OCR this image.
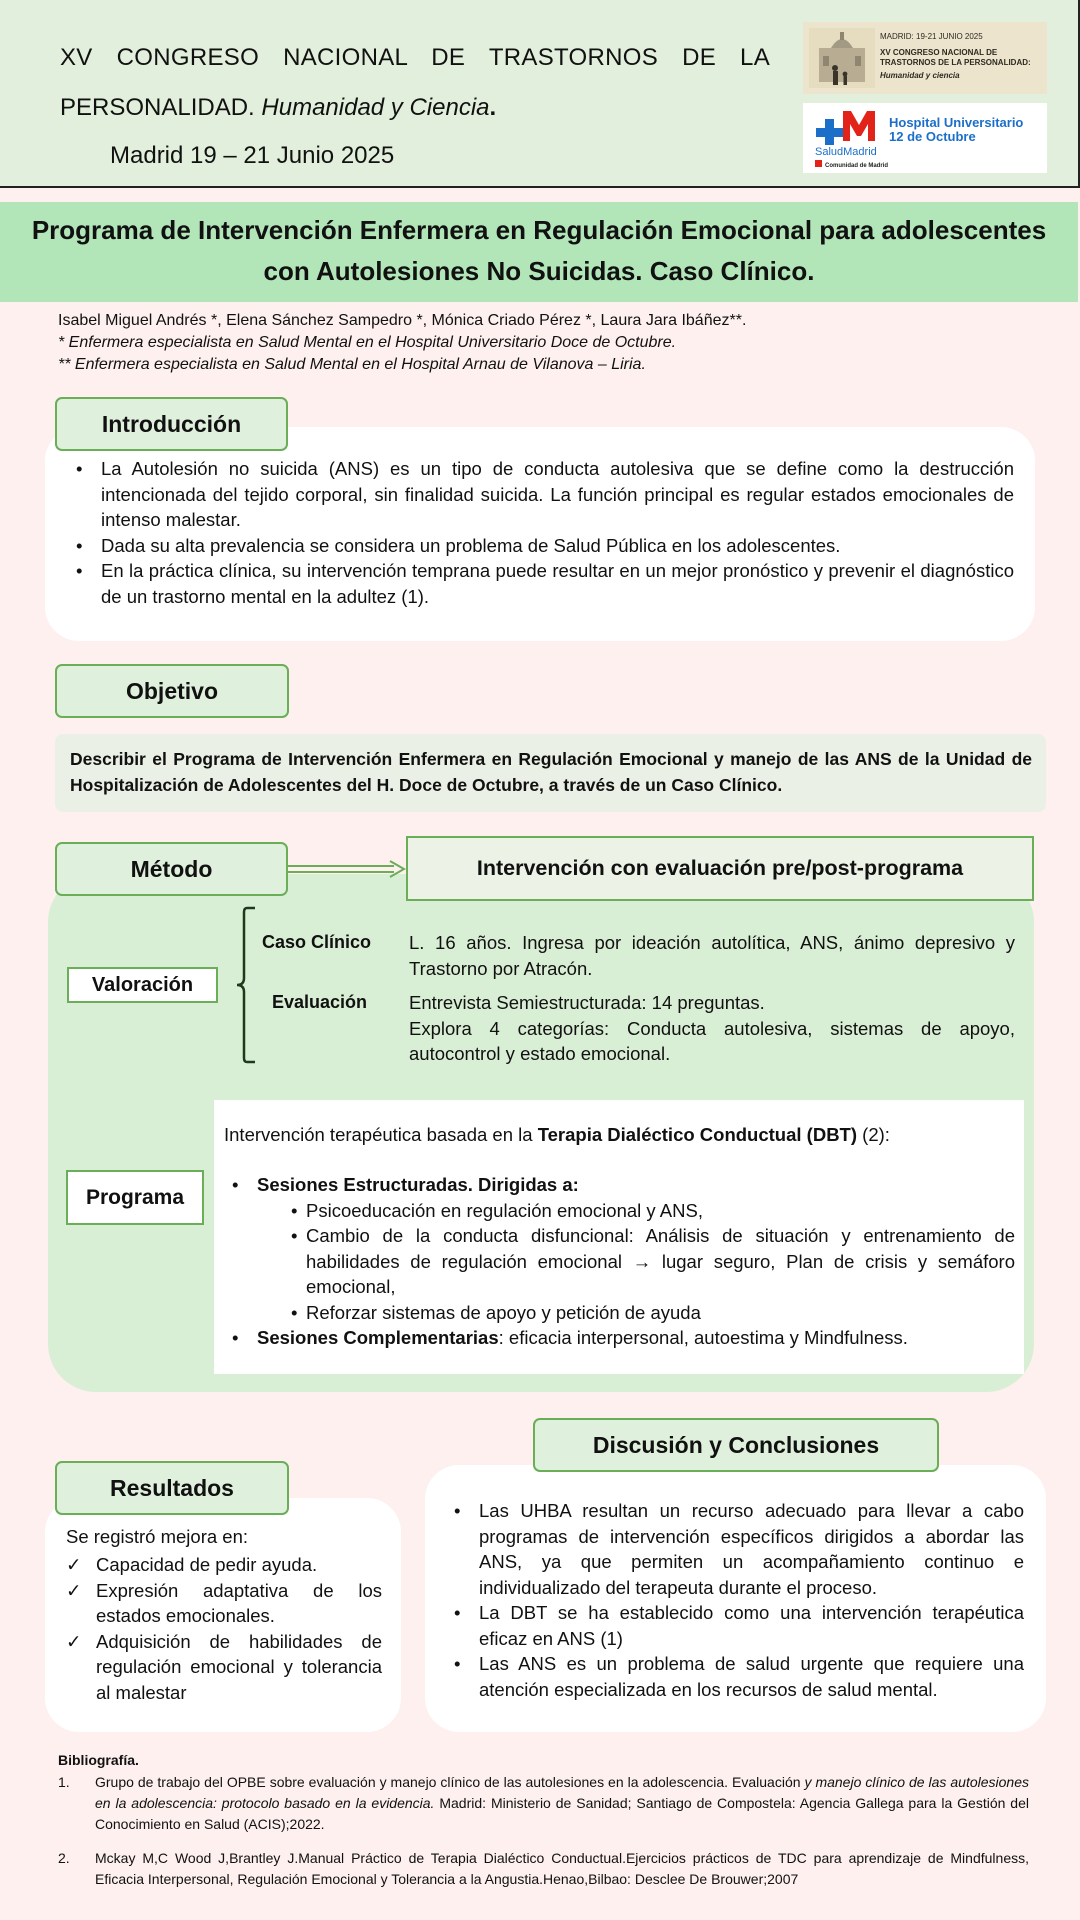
XV CONGRESO NACIONAL DE TRASTORNOS DE LA
PERSONALIDAD. Humanidad y Ciencia.
Madrid 19 – 21 Junio 2025
MADRID: 19-21 JUNIO 2025
XV CONGRESO NACIONAL DE
TRASTORNOS DE LA PERSONALIDAD:
Humanidad y ciencia
Hospital Universitario
12 de Octubre
SaludMadrid
Comunidad de Madrid
Programa de Intervención Enfermera en Regulación Emocional para adolescentes con Autolesiones No Suicidas. Caso Clínico.
Isabel Miguel Andrés *, Elena Sánchez Sampedro *, Mónica Criado Pérez *, Laura Jara Ibáñez**.
* Enfermera especialista en Salud Mental en el Hospital Universitario Doce de Octubre.
** Enfermera especialista en Salud Mental en el Hospital Arnau de Vilanova – Liria.
Introducción
• La Autolesión no suicida (ANS) es un tipo de conducta autolesiva que se define como la destrucción intencionada del tejido corporal, sin finalidad suicida. La función principal es regular estados emocionales de intenso malestar.
• Dada su alta prevalencia se considera un problema de Salud Pública en los adolescentes.
• En la práctica clínica, su intervención temprana puede resultar en un mejor pronóstico y prevenir el diagnóstico de un trastorno mental en la adultez (1).
Objetivo
Describir el Programa de Intervención Enfermera en Regulación Emocional y manejo de las ANS de la Unidad de Hospitalización de Adolescentes del H. Doce de Octubre, a través de un Caso Clínico.
Método	Intervención con evaluación pre/post-programa
Valoración
Caso Clínico L. 16 años. Ingresa por ideación autolítica, ANS, ánimo depresivo y Trastorno por Atracón.
Evaluación Entrevista Semiestructurada: 14 preguntas.
Explora 4 categorías: Conducta autolesiva, sistemas de apoyo, autocontrol y estado emocional.
Programa
Intervención terapéutica basada en la Terapia Dialéctico Conductual (DBT) (2):
• Sesiones Estructuradas. Dirigidas a:
• Psicoeducación en regulación emocional y ANS,
• Cambio de la conducta disfuncional: Análisis de situación y entrenamiento de habilidades de regulación emocional → lugar seguro, Plan de crisis y semáforo emocional,
• Reforzar sistemas de apoyo y petición de ayuda
• Sesiones Complementarias: eficacia interpersonal, autoestima y Mindfulness.
Resultados
Se registró mejora en:
✓ Capacidad de pedir ayuda.
✓ Expresión adaptativa de los estados emocionales.
✓ Adquisición de habilidades de regulación emocional y tolerancia al malestar
Discusión y Conclusiones
• Las UHBA resultan un recurso adecuado para llevar a cabo programas de intervención específicos dirigidos a abordar las ANS, ya que permiten un acompañamiento continuo e individualizado del terapeuta durante el proceso.
• La DBT se ha establecido como una intervención terapéutica eficaz en ANS (1)
• Las ANS es un problema de salud urgente que requiere una atención especializada en los recursos de salud mental.
Bibliografía.
1. Grupo de trabajo del OPBE sobre evaluación y manejo clínico de las autolesiones en la adolescencia. Evaluación y manejo clínico de las autolesiones en la adolescencia: protocolo basado en la evidencia. Madrid: Ministerio de Sanidad; Santiago de Compostela: Agencia Gallega para la Gestión del Conocimiento en Salud (ACIS);2022.
2. Mckay M,C Wood J,Brantley J.Manual Práctico de Terapia Dialéctico Conductual.Ejercicios prácticos de TDC para aprendizaje de Mindfulness, Eficacia Interpersonal, Regulación Emocional y Tolerancia a la Angustia.Henao,Bilbao: Desclee De Brouwer;2007
